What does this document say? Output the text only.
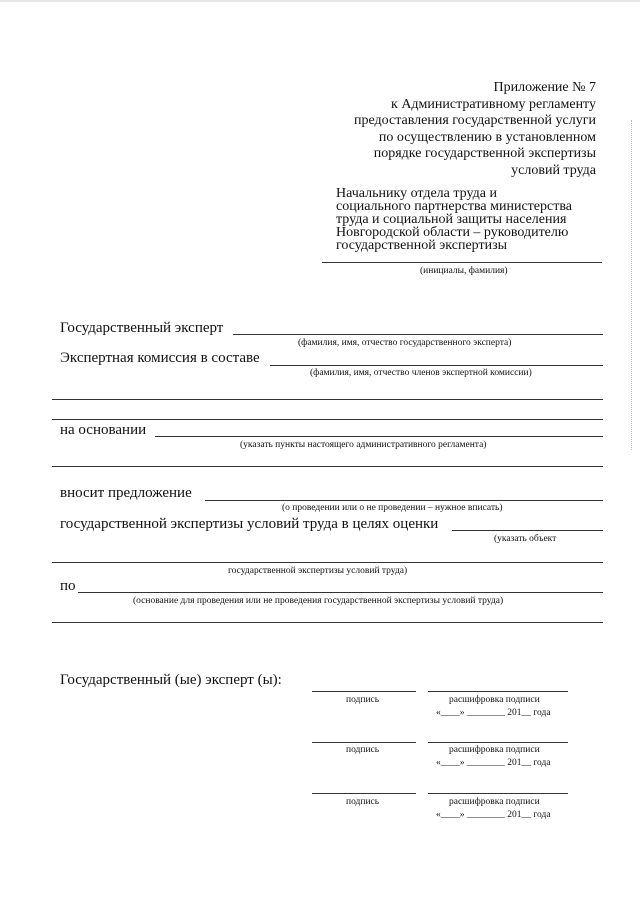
Приложение № 7
к Административному регламенту
предоставления государственной услуги
по осуществлению в установленном
порядке государственной экспертизы
условий труда
Начальнику отдела труда и
социального партнерства министерства
труда и социальной защиты населения
Новгородской области – руководителю
государственной экспертизы
(инициалы, фамилия)
Государственный эксперт
(фамилия, имя, отчество государственного эксперта)
Экспертная комиссия в составе
(фамилия, имя, отчество членов экспертной комиссии)
на основании
(указать пункты настоящего административного регламента)
вносит предложение
(о проведении или о не проведении – нужное вписать)
государственной экспертизы условий труда в целях оценки
(указать объект
государственной экспертизы условий труда)
по
(основание для проведения или не проведения государственной экспертизы условий труда)
Государственный (ые) эксперт (ы):
подпись	расшифровка подписи
«____» ________ 201__ года
подпись	расшифровка подписи
«____» ________ 201__ года
подпись	расшифровка подписи
«____» ________ 201__ года
